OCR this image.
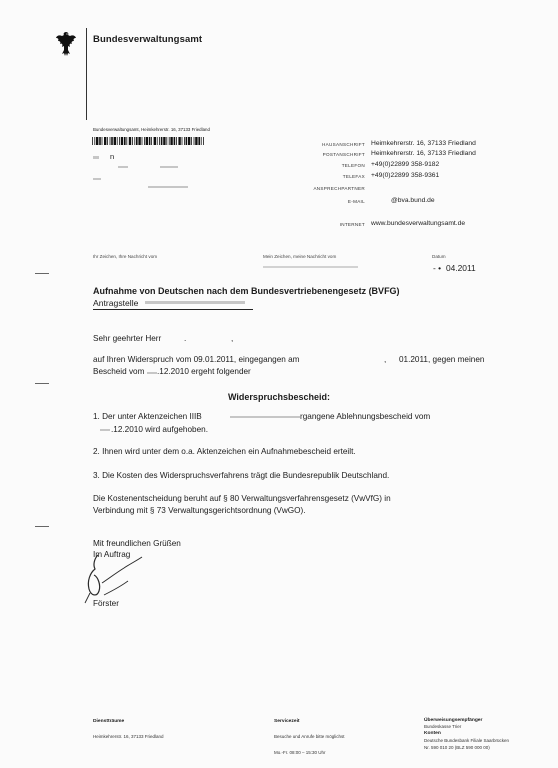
Bundesverwaltungsamt
Bundesverwaltungsamt, Heimkehrerstr. 16, 37133 Friedland
n
HAUSANSCHRIFT Heimkehrerstr. 16, 37133 Friedland
POSTANSCHRIFT Heimkehrerstr. 16, 37133 Friedland
TELEFON +49(0)22899 358-9182
TELEFAX +49(0)22899 358-9361
ANSPRECHPARTNER
E-MAIL	@bva.bund.de
INTERNET www.bundesverwaltungsamt.de
Ihr Zeichen, Ihre Nachricht vom	Mein Zeichen, meine Nachricht vom	Datum
- • 04.2011
Aufnahme von Deutschen nach dem Bundesvertriebenengesetz (BVFG)
Antragstelle
Sehr geehrter Herr	.	,
auf Ihren Widerspruch vom 09.01.2011, eingegangen am	, 01.2011, gegen meinen
Bescheid vom .12.2010 ergeht folgender
Widerspruchsbescheid:
1. Der unter Aktenzeichen IIIB	rgangene Ablehnungsbescheid vom
.12.2010 wird aufgehoben.
2. Ihnen wird unter dem o.a. Aktenzeichen ein Aufnahmebescheid erteilt.
3. Die Kosten des Widerspruchsverfahrens trägt die Bundesrepublik Deutschland.
Die Kostenentscheidung beruht auf § 80 Verwaltungsverfahrensgesetz (VwVfG) in
Verbindung mit § 73 Verwaltungsgerichtsordnung (VwGO).
Mit freundlichen Grüßen
Im Auftrag
Förster
Dienstträume
Heimkehrerstr. 16, 37133 Friedland
Servicezeit
Besuche und Anrufe bitte möglichst
Mo.-Fr. 08:00 – 15:30 Uhr
Überweisungsempfänger
Bundeskasse Trier
Konten
Deutsche Bundesbank Filiale Saarbrücken
Nr. 590 010 20 (BLZ 590 000 00)
